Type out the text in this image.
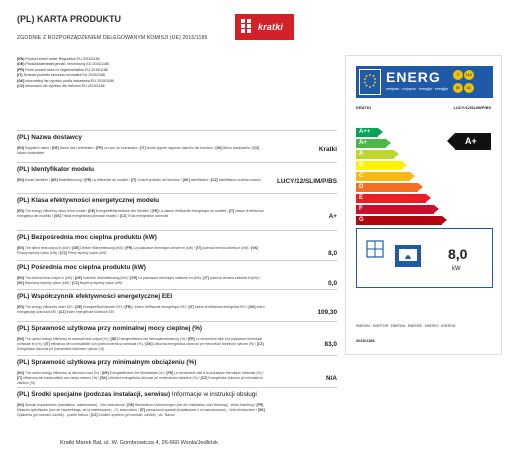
(PL) KARTA PRODUKTU
ZGODNIE Z ROZPORZĄDZENIEM DELEGOWANYM KOMISJI (UE) 2015/1186
kratki
(EN) Product sheet under Regulation EU 2015/1186
(DE) Produktdatenblatt gemäß Verordnung EU 2015/1186
(FR) Fiche produit selon le règlementation EU 2015/1186
(IT) Scheda prodotto secondo normativa EU 2015/1186
(SK) Informačný list výrobku podľa nariadenia EU 2015/1186
(CZ) Informační list výrobku dle nařízení EU 2015/1186
(PL) Nazwa dostawcy
Kratki
[EN] Supplier's name / [DE] Name des Lieferanten / [FR] Le nom du fournisseur / [IT] Nome oppure rapporto marchio del fornitore / [SK] Meno dodávateľa / [CZ] Název dodavatele
(PL) Identyfikator modelu
LUCY/12/SLIM/P/BS
[EN] Model identifier / [DE] Modellkennung / [FR] La référence du modèle / [IT] Codice prodotto del fornitore / [SK] Identifikátor / [CZ] Identifikační značka modelu
(PL) Klasa efektywności energetycznej modelu
A+
[EN] The energy efficiency class of the model / [DE] Energieeffizienzklasse des Modells / [FR] La classe d'efficacité énergétique du modèle / [IT] classe di efficienza energetica del modello / [SK] Trieda energetickej účinnosti modelu / [CZ] Třída energetické účinnosti
(PL) Bezpośrednia moc cieplna produktu (kW)
8,0
[EN] The direct heat output in (kW) / [DE] Direkte Wärmeleistung (kW) / [FR] La puissance thermique directe en (kW) / [IT] potenza termica diretta in (kW) / [SK] Priamy tepelný výkon (kW) / [CZ] Přímý tepelný výkon (kW)
(PL) Pośrednia moc cieplna produktu (kW)
0,0
[EN] The indirect heat output in (kW) / [DE] Indirekte Wärmeleistung (kW) / [FR] La puissance thermique indirecte en (kW) / [IT] potenza termica indiretta in (kW) / [SK] Nepriamy tepelný výkon (kW) / [CZ] Nepřímý tepelný výkon (kW)
(PL) Współczynnik efektywności energetycznej EEI
109,30
[EN] The energy efficiency index EEI / [DE] Energieeffizienzindex EEI / [FR] L'indice d'efficacité énergétique EEI / [IT] indice di efficienza energetica EEI / [SK] Index energetickej účinnosti EEI / [CZ] Index energetické účinnosti EEI
(PL) Sprawność użytkowa przy nominalnej mocy cieplnej (%)
83,0
[EN] The useful energy efficiency at nominal heat output (%) / [DE] Energieeffizienz bei Nennwärmeleistung (%) / [FR] Le rendement utile à la puissance thermique nominale en (%) / [IT] efficienza del combustibile con potenza termica nominale (%) / [SK] Užitočná energetická účinnosť pri menovitom tepelnom výkone (%) / [CZ] Energetická účinnost při jmenovitém tepelném výkonu (%)
(PL) Sprawność użytkowa przy minimalnym obciążeniu (%)
N/A
[EN] The useful energy efficiency at minimum load (%) / [DE] Energieeffizienz bei Mindestlast (%) / [FR] Le rendement utile à la puissance thermique minimale (%) / [IT] efficienza del combustibile con carico minimo (%) / [SK] Užitočná energetická účinnosť pri minimálnom zaťažení (%) / [CZ] Energetická účinnost při minimálním zatížení (%)
(PL) Środki specjalne (podczas instalacji, serwisu) Informacje w instrukcji obsługi
[EN] Special requirements (installation, maintenance) - See instructions / [DE] Besonderen Vorkehrungen (bei der Installation oder Wartung) - siehe Anleitung / [FR] Mesures spécifiques (lors de l'assemblage, de la maintenance) - Cf. instructions / [IT] precauzioni speciali (installazione o la manutenzione) - Vedi introduzione / [SK] Opatrenia (pri montáži, údržbe) - pozrite Návod / [CZ] Zvláštní opatření (při montáži, údržbě) - viz. Návod
Kratki Marek Bal, ul. W. Gombrowicza 4, 26-660 Wsola/Jedlińsk
ENERG
енергия · ενέργεια · energija · enerģija
Y	IJA
IE	IA
KRATKI	LUCY/12/SLIM/P/BS
A++
A+
A
B
C
D
E
F
G
A+
8,0
kW
ENERGIA · ЕНЕРГИЯ · ENERGIA · ENERGIE · ENERGY · ENERGIE
2015/1186
